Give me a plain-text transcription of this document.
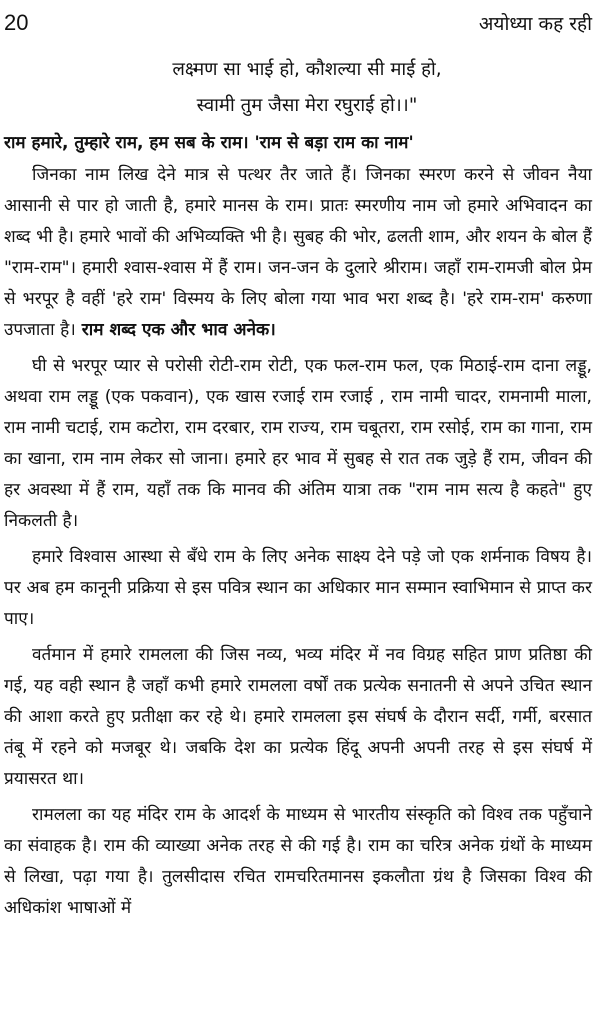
20	अयोध्या कह रही
लक्ष्मण सा भाई हो, कौशल्या सी माई हो,
स्वामी तुम जैसा मेरा रघुराई हो।।"
राम हमारे, तुम्हारे राम, हम सब के राम। 'राम से बड़ा राम का नाम'

जिनका नाम लिख देने मात्र से पत्थर तैर जाते हैं। जिनका स्मरण करने से जीवन नैया आसानी से पार हो जाती है, हमारे मानस के राम। प्रातः स्मरणीय नाम जो हमारे अभिवादन का शब्द भी है। हमारे भावों की अभिव्यक्ति भी है। सुबह की भोर, ढलती शाम, और शयन के बोल हैं "राम-राम"। हमारी श्वास-श्वास में हैं राम। जन-जन के दुलारे श्रीराम। जहाँ राम-रामजी बोल प्रेम से भरपूर है वहीं 'हरे राम' विस्मय के लिए बोला गया भाव भरा शब्द है। 'हरे राम-राम' करुणा उपजाता है। राम शब्द एक और भाव अनेक।

घी से भरपूर प्यार से परोसी रोटी-राम रोटी, एक फल-राम फल, एक मिठाई-राम दाना लड्डू, अथवा राम लड्डू (एक पकवान), एक खास रजाई राम रजाई , राम नामी चादर, रामनामी माला, राम नामी चटाई, राम कटोरा, राम दरबार, राम राज्य, राम चबूतरा, राम रसोई, राम का गाना, राम का खाना, राम नाम लेकर सो जाना। हमारे हर भाव में सुबह से रात तक जुड़े हैं राम, जीवन की हर अवस्था में हैं राम, यहाँ तक कि मानव की अंतिम यात्रा तक "राम नाम सत्य है कहते" हुए निकलती है।

हमारे विश्वास आस्था से बँधे राम के लिए अनेक साक्ष्य देने पड़े जो एक शर्मनाक विषय है। पर अब हम कानूनी प्रक्रिया से इस पवित्र स्थान का अधिकार मान सम्मान स्वाभिमान से प्राप्त कर पाए।

वर्तमान में हमारे रामलला की जिस नव्य, भव्य मंदिर में नव विग्रह सहित प्राण प्रतिष्ठा की गई, यह वही स्थान है जहाँ कभी हमारे रामलला वर्षों तक प्रत्येक सनातनी से अपने उचित स्थान की आशा करते हुए प्रतीक्षा कर रहे थे। हमारे रामलला इस संघर्ष के दौरान सर्दी, गर्मी, बरसात तंबू में रहने को मजबूर थे। जबकि देश का प्रत्येक हिंदू अपनी अपनी तरह से इस संघर्ष में प्रयासरत था।

रामलला का यह मंदिर राम के आदर्श के माध्यम से भारतीय संस्कृति को विश्व तक पहुँचाने का संवाहक है। राम की व्याख्या अनेक तरह से की गई है। राम का चरित्र अनेक ग्रंथों के माध्यम से लिखा, पढ़ा गया है। तुलसीदास रचित रामचरितमानस इकलौता ग्रंथ है जिसका विश्व की अधिकांश भाषाओं में
